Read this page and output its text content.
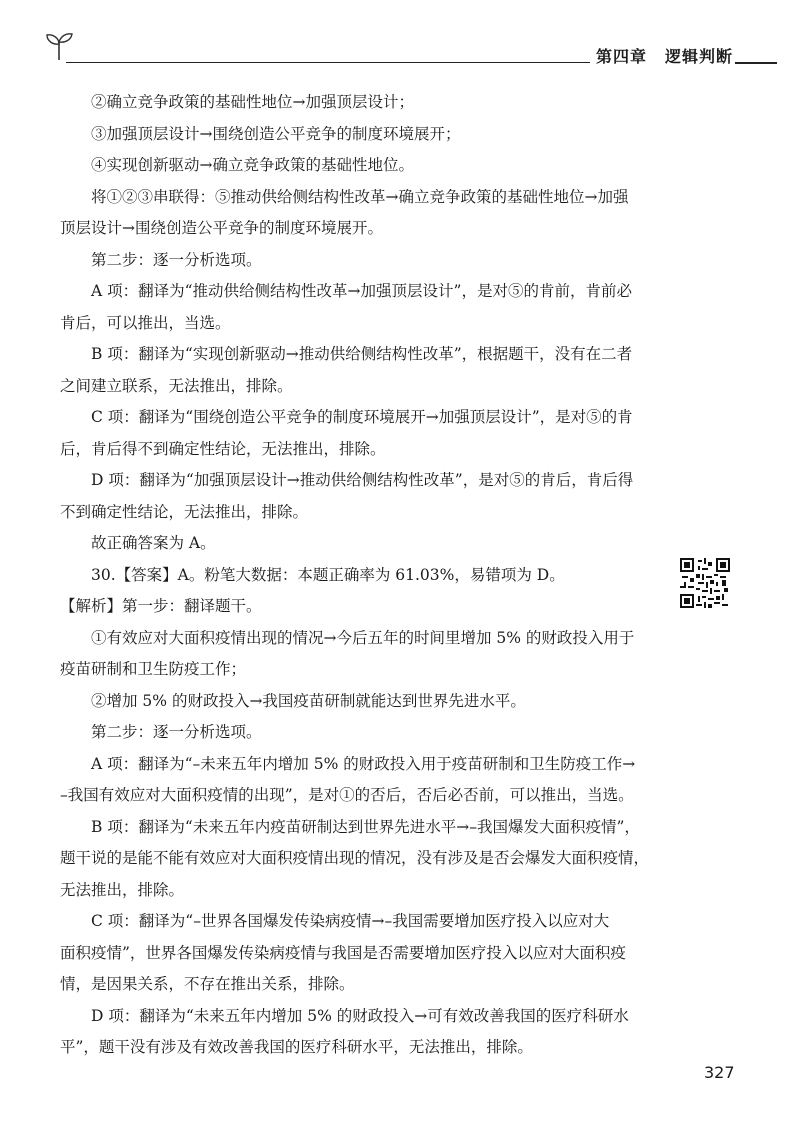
第四章 逻辑判断
②确立竞争政策的基础性地位→加强顶层设计；
③加强顶层设计→围绕创造公平竞争的制度环境展开；
④实现创新驱动→确立竞争政策的基础性地位。
将①②③串联得：⑤推动供给侧结构性改革→确立竞争政策的基础性地位→加强
顶层设计→围绕创造公平竞争的制度环境展开。
第二步：逐一分析选项。
A 项：翻译为“推动供给侧结构性改革→加强顶层设计”，是对⑤的肯前，肯前必
肯后，可以推出，当选。
B 项：翻译为“实现创新驱动→推动供给侧结构性改革”，根据题干，没有在二者
之间建立联系，无法推出，排除。
C 项：翻译为“围绕创造公平竞争的制度环境展开→加强顶层设计”，是对⑤的肯
后，肯后得不到确定性结论，无法推出，排除。
D 项：翻译为“加强顶层设计→推动供给侧结构性改革”，是对⑤的肯后，肯后得
不到确定性结论，无法推出，排除。
故正确答案为 A。
30.【答案】A。粉笔大数据：本题正确率为 61.03%，易错项为 D。
【解析】第一步：翻译题干。
①有效应对大面积疫情出现的情况→今后五年的时间里增加 5% 的财政投入用于
疫苗研制和卫生防疫工作；
②增加 5% 的财政投入→我国疫苗研制就能达到世界先进水平。
第二步：逐一分析选项。
A 项：翻译为“–未来五年内增加 5% 的财政投入用于疫苗研制和卫生防疫工作→
–我国有效应对大面积疫情的出现”，是对①的否后，否后必否前，可以推出，当选。
B 项：翻译为“未来五年内疫苗研制达到世界先进水平→–我国爆发大面积疫情”，
题干说的是能不能有效应对大面积疫情出现的情况，没有涉及是否会爆发大面积疫情，
无法推出，排除。
C 项：翻译为“–世界各国爆发传染病疫情→–我国需要增加医疗投入以应对大
面积疫情”，世界各国爆发传染病疫情与我国是否需要增加医疗投入以应对大面积疫
情，是因果关系，不存在推出关系，排除。
D 项：翻译为“未来五年内增加 5% 的财政投入→可有效改善我国的医疗科研水
平”，题干没有涉及有效改善我国的医疗科研水平，无法推出，排除。
327
